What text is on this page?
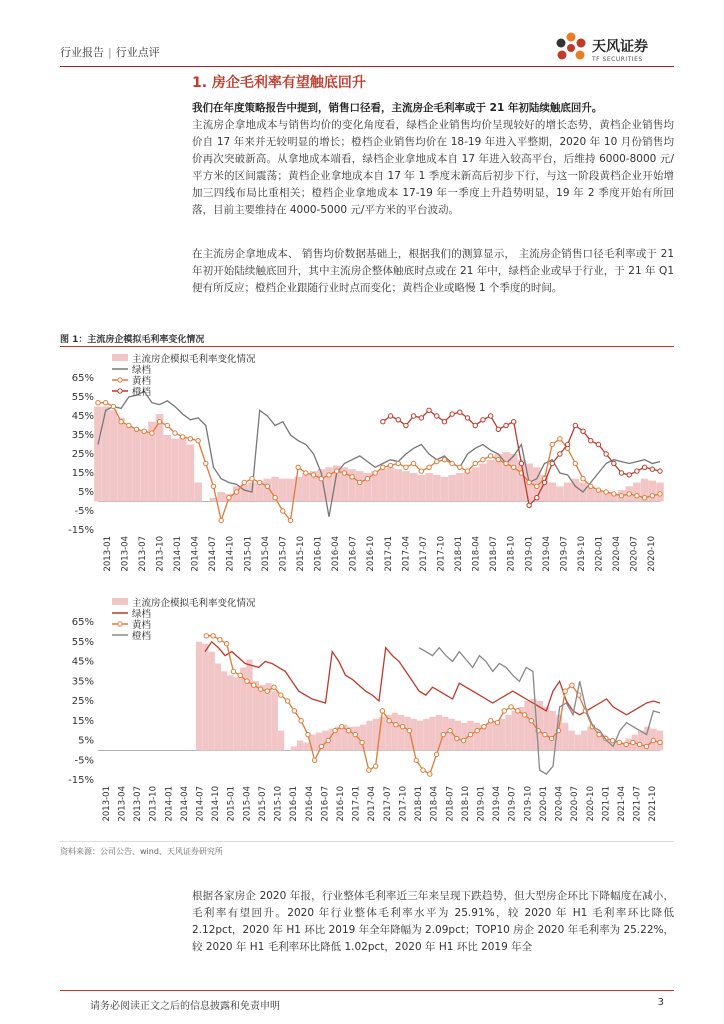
行业报告 | 行业点评	天风证券
TF SECURITIES
1. 房企毛利率有望触底回升

我们在年度策略报告中提到，销售口径看，主流房企毛利率或于 21 年初陆续触底回升。
主流房企拿地成本与销售均价的变化角度看，绿档企业销售均价呈现较好的增长态势，黄档企业销售均价自 17 年来并无较明显的增长；橙档企业销售均价在 18-19 年进入平整期，2020 年 10 月份销售均价再次突破新高。从拿地成本端看，绿档企业拿地成本自 17 年进入较高平台，后维持 6000-8000 元/平方米的区间震荡；黄档企业拿地成本自 17 年 1 季度末新高后初步下行，与这一阶段黄档企业开始增加三四线布局比重相关；橙档企业拿地成本 17-19 年一季度上升趋势明显，19 年 2 季度开始有所回落，目前主要维持在 4000-5000 元/平方米的平台波动。

在主流房企拿地成本、 销售均价数据基础上，根据我们的测算显示， 主流房企销售口径毛利率或于 21 年初开始陆续触底回升，其中主流房企整体触底时点或在 21 年中，绿档企业或早于行业，于 21 年 Q1 便有所反应；橙档企业跟随行业时点而变化；黄档企业或略慢 1 个季度的时间。

图 1：主流房企模拟毛利率变化情况
65%
55%
45%
35%
25%
15%
5%
-5%
-15%
2013-01 2013-04 2013-07 2013-10 2014-01 2014-04 2014-07 2014-10 2015-01 2015-04 2015-07 2015-10 2016-01 2016-04 2016-07 2016-10 2017-01 2017-04 2017-07 2017-10 2018-01 2018-04 2018-07 2018-10 2019-01 2019-04 2019-07 2019-10 2020-01 2020-04 2020-07 2020-10
主流房企模拟毛利率变化情况
绿档
黄档
橙档
65%
55%
45%
35%
25%
15%
5%
-5%
-15%
2013-01 2013-04 2013-07 2013-10 2014-01 2014-04 2014-07 2014-10 2015-01 2015-04 2015-07 2015-10 2016-01 2016-04 2016-07 2016-10 2017-01 2017-04 2017-07 2017-10 2018-01 2018-04 2018-07 2018-10 2019-01 2019-04 2019-07 2019-10 2020-01 2020-04 2020-07 2020-10 2021-01 2021-04 2021-07 2021-10
主流房企模拟毛利率变化情况
绿档
黄档
橙档
资料来源：公司公告、wind、天风证券研究所

根据各家房企 2020 年报，行业整体毛利率近三年来呈现下跌趋势，但大型房企环比下降幅度在减小，毛利率有望回升。2020 年行业整体毛利率水平为 25.91%，较 2020 年 H1 毛利率环比降低 2.12pct，2020 年 H1 环比 2019 年全年降幅为 2.09pct；TOP10 房企 2020 年毛利率为 25.22%，较 2020 年 H1 毛利率环比降低 1.02pct，2020 年 H1 环比 2019 年全

请务必阅读正文之后的信息披露和免责申明	3
